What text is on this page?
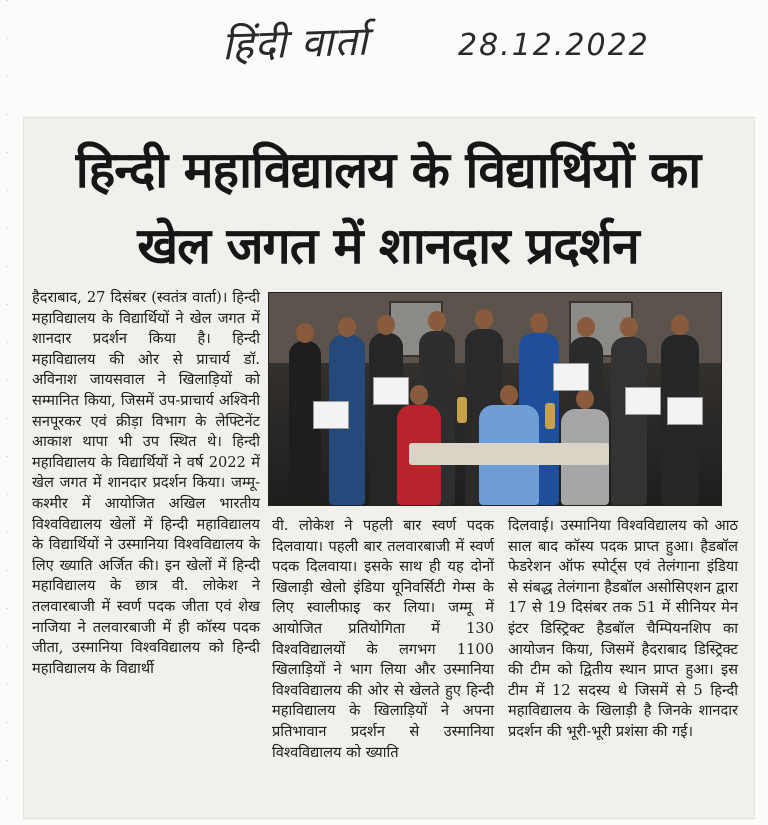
हिंदी वार्ता	28.12.2022
हिन्दी महाविद्यालय के विद्यार्थियों का खेल जगत में शानदार प्रदर्शन
हैदराबाद, 27 दिसंबर (स्वतंत्र वार्ता)। हिन्दी महाविद्यालय के विद्यार्थियों ने खेल जगत में शानदार प्रदर्शन किया है। हिन्दी महाविद्यालय की ओर से प्राचार्य डॉ. अविनाश जायसवाल ने खिलाड़ियों को सम्मानित किया, जिसमें उप-प्राचार्य अश्विनी सनपूरकर एवं क्रीड़ा विभाग के लेफ्टिनेंट आकाश थापा भी उप स्थित थे। हिन्दी महाविद्यालय के विद्यार्थियों ने वर्ष 2022 में खेल जगत में शानदार प्रदर्शन किया। जम्मू-कश्मीर में आयोजित अखिल भारतीय विश्वविद्यालय खेलों में हिन्दी महाविद्यालय के विद्यार्थियों ने उस्मानिया विश्वविद्यालय के लिए ख्याति अर्जित की। इन खेलों में हिन्दी महाविद्यालय के छात्र वी. लोकेश ने तलवारबाजी में स्वर्ण पदक जीता एवं शेख नाजिया ने तलवारबाजी में ही कॉस्य पदक जीता, उस्मानिया विश्वविद्यालय को हिन्दी महाविद्यालय के विद्यार्थी
वी. लोकेश ने पहली बार स्वर्ण पदक दिलवाया। पहली बार तलवारबाजी में स्वर्ण पदक दिलवाया। इसके साथ ही यह दोनों खिलाड़ी खेलो इंडिया यूनिवर्सिटी गेम्स के लिए स्वालीफाइ कर लिया। जम्मू में आयोजित प्रतियोगिता में 130 विश्वविद्यालयों के लगभग 1100 खिलाड़ियों ने भाग लिया और उस्मानिया विश्वविद्यालय की ओर से खेलते हुए हिन्दी महाविद्यालय के खिलाड़ियों ने अपना प्रतिभावान प्रदर्शन से उस्मानिया विश्वविद्यालय को ख्याति
दिलवाई। उस्मानिया विश्वविद्यालय को आठ साल बाद कॉस्य पदक प्राप्त हुआ। हैडबॉल फेडरेशन ऑफ स्पोर्ट्स एवं तेलंगाना इंडिया से संबद्ध तेलंगाना हैडबॉल असोसिएशन द्वारा 17 से 19 दिसंबर तक 51 में सीनियर मेन इंटर डिस्ट्रिक्ट हैडबॉल चैम्पियनशिप का आयोजन किया, जिसमें हैदराबाद डिस्ट्रिक्ट की टीम को द्वितीय स्थान प्राप्त हुआ। इस टीम में 12 सदस्य थे जिसमें से 5 हिन्दी महाविद्यालय के खिलाड़ी है जिनके शानदार प्रदर्शन की भूरी-भूरी प्रशंसा की गई।
